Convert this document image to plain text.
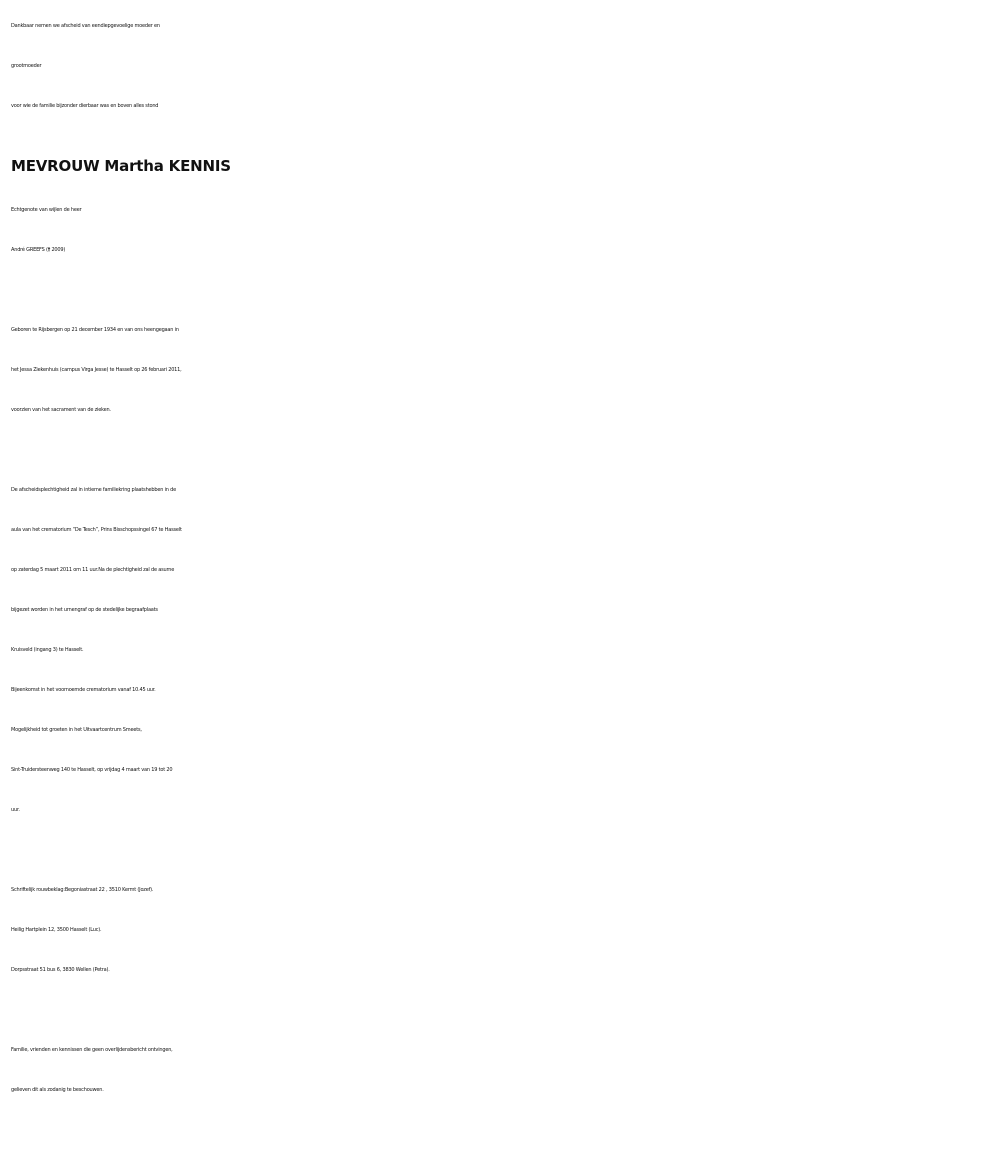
Dankbaar nemen we afscheid van eendiepgevoelige moeder en
grootmoeder
voor wie de familie bijzonder dierbaar was en boven alles stond
MEVROUW Martha KENNIS
Echtgenote van wijlen de heer
André GREEFS († 2009)
Geboren te Rijsbergen op 21 december 1934 en van ons heengegaan in
het Jessa Ziekenhuis (campus Virga Jesse) te Hasselt op 26 februari 2011,
voorzien van het sacrament van de zieken.
De afscheidsplechtigheid zal in intieme familiekring plaatshebben in de
aula van het crematorium “De Tesch”, Prins Bisschopssingel 67 te Hasselt
op zaterdag 5 maart 2011 om 11 uur.Na de plechtigheid zal de asurne
bijgezet worden in het urnengraf op de stedelijke begraafplaats
Kruisveld (ingang 3) te Hasselt.
Bijeenkomst in het voornoemde crematorium vanaf 10.45 uur.
Mogelijkheid tot groeten in het Uitvaartcentrum Smeets,
Sint-Truidersteenweg 140 te Hasselt, op vrijdag 4 maart van 19 tot 20
uur.
Schriftelijk rouwbeklag:Begoniastraat 22 , 3510 Kermt (Jozef).
Heilig Hartplein 12, 3500 Hasselt (Luc).
Dorpsstraat 51 bus 6, 3830 Wellen (Petra).
Familie, vrienden en kennissen die geen overlijdensbericht ontvingen,
gelieven dit als zodanig te beschouwen.
